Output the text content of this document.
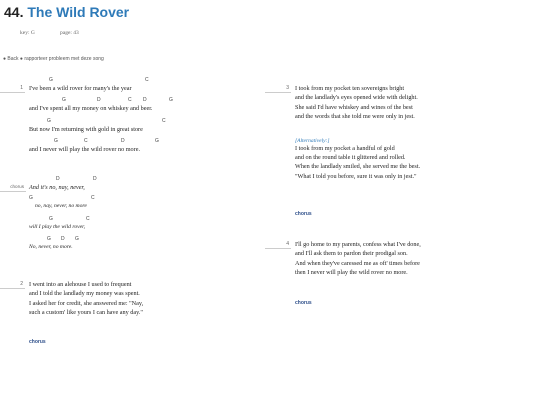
44. The Wild Rover
key: G	page: 43
● Back ● rapporteer probleem met deze song
1
G	C
I've been a wild rover for many's the year
G	D	C D	G
and I've spent all my money on whiskey and beer.
G	C
But now I'm returning with gold in great store
G	C	D	G
and I never will play the wild rover no more.
chorus
D	D
And it's no, nay, never,
G	C
no, nay, never, no more
G	C
will I play the wild rover,
G D G
No, never, no more.
2 I went into an alehouse I used to frequent
and I told the landlady my money was spent.
I asked her for credit, she answered me: "Nay,
such a custom' like yours I can have any day."
chorus
3 I took from my pocket ten sovereigns bright
and the landlady's eyes opened wide with delight.
She said I'd have whiskey and wines of the best
and the words that she told me were only in jest.
[Alternatively:]
I took from my pocket a handful of gold
and on the round table it glittered and rolled.
When the landlady smiled, she served me the best.
"What I told you before, sure it was only in jest."
chorus
4 I'll go home to my parents, confess what I've done,
and I'll ask them to pardon their prodigal son.
And when they've caressed me as oft' times before
then I never will play the wild rover no more.
chorus
